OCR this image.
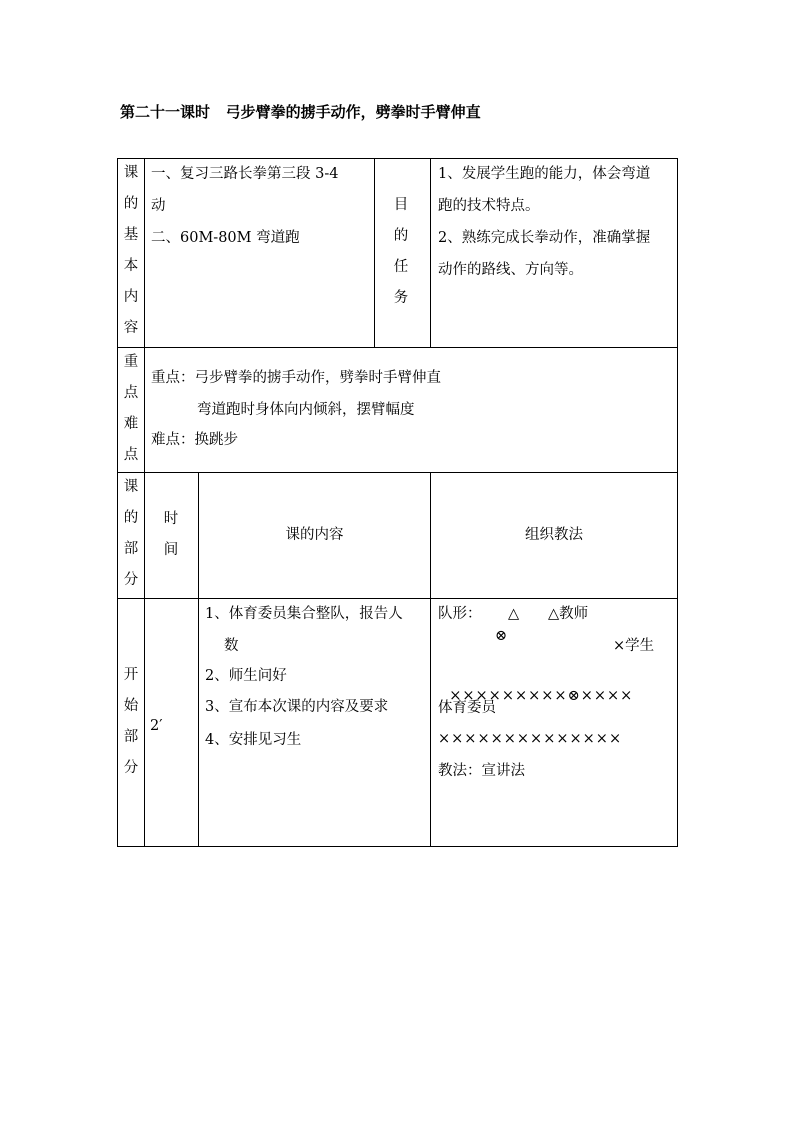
第二十一课时   弓步臂拳的掳手动作，劈拳时手臂伸直
课
的
基
本
内
容
一、复习三路长拳第三段 3-4
动
二、60M-80M 弯道跑
目
的
任
务
1、发展学生跑的能力，体会弯道
跑的技术特点。
2、熟练完成长拳动作，准确掌握
动作的路线、方向等。
重
点
难
点
重点：弓步臂拳的掳手动作，劈拳时手臂伸直
弯道跑时身体向内倾斜，摆臂幅度
难点：换跳步
课
的
部
分
时
间
课的内容	组织教法
开
始
部
分
2′
1、体育委员集合整队，报告人
数
2、师生问好
3、宣布本次课的内容及要求
4、安排见习生
队形： △ △教师
⊗
×学生

×××××××××⊗××××

体育委员
××××××××××××××
教法：宣讲法
